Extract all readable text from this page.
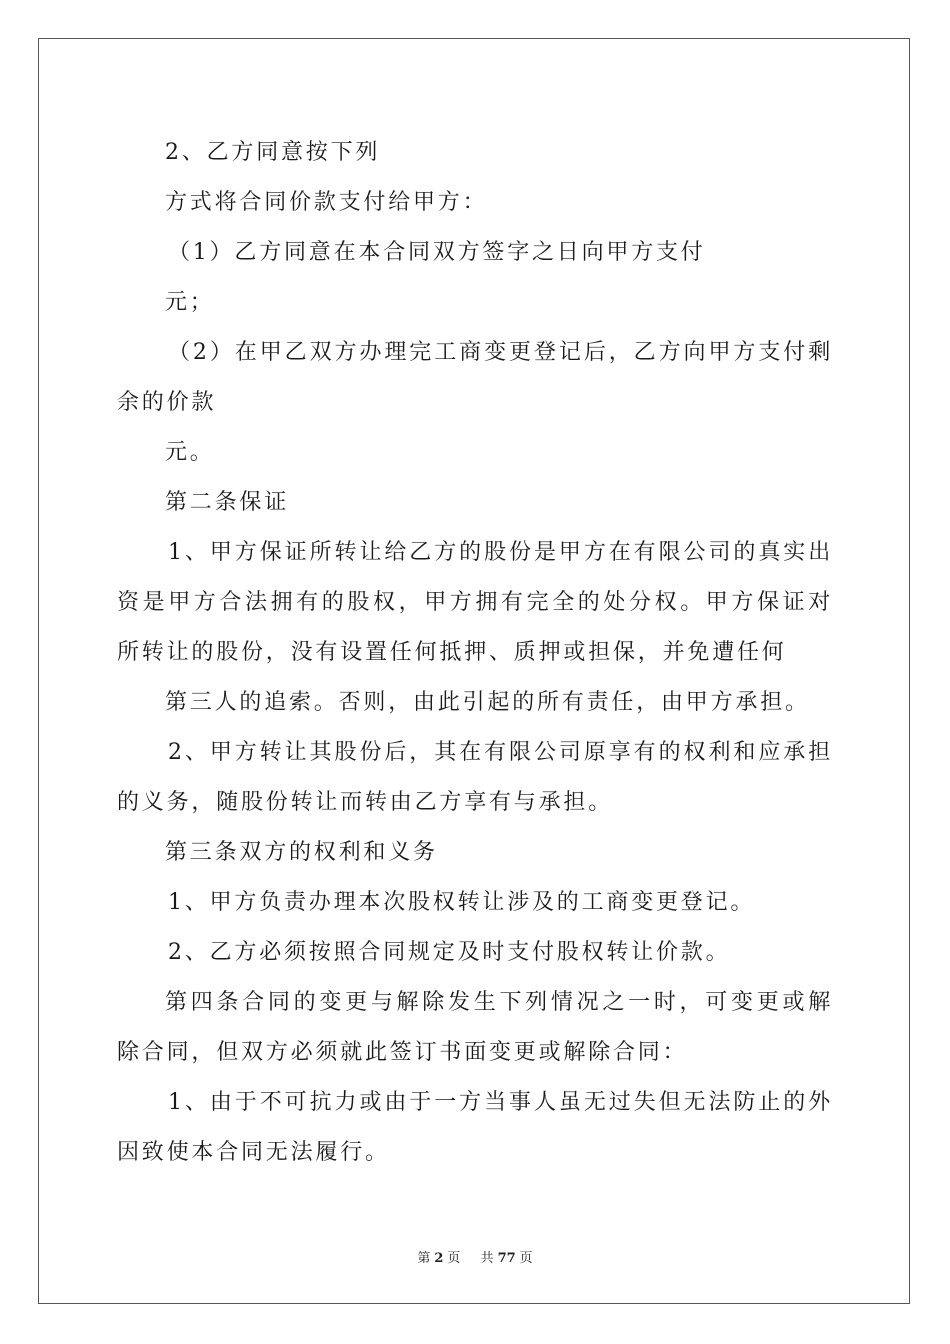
2、乙方同意按下列

方式将合同价款支付给甲方：

（1）乙方同意在本合同双方签字之日向甲方支付

元；

（2）在甲乙双方办理完工商变更登记后，乙方向甲方支付剩余的价款

元。

第二条保证

1、甲方保证所转让给乙方的股份是甲方在有限公司的真实出资是甲方合法拥有的股权，甲方拥有完全的处分权。甲方保证对所转让的股份，没有设置任何抵押、质押或担保，并免遭任何

第三人的追索。否则，由此引起的所有责任，由甲方承担。

2、甲方转让其股份后，其在有限公司原享有的权利和应承担的义务，随股份转让而转由乙方享有与承担。

第三条双方的权利和义务

1、甲方负责办理本次股权转让涉及的工商变更登记。

2、乙方必须按照合同规定及时支付股权转让价款。

第四条合同的变更与解除发生下列情况之一时，可变更或解除合同，但双方必须就此签订书面变更或解除合同：

1、由于不可抗力或由于一方当事人虽无过失但无法防止的外因致使本合同无法履行。

第 2 页 共 77 页
